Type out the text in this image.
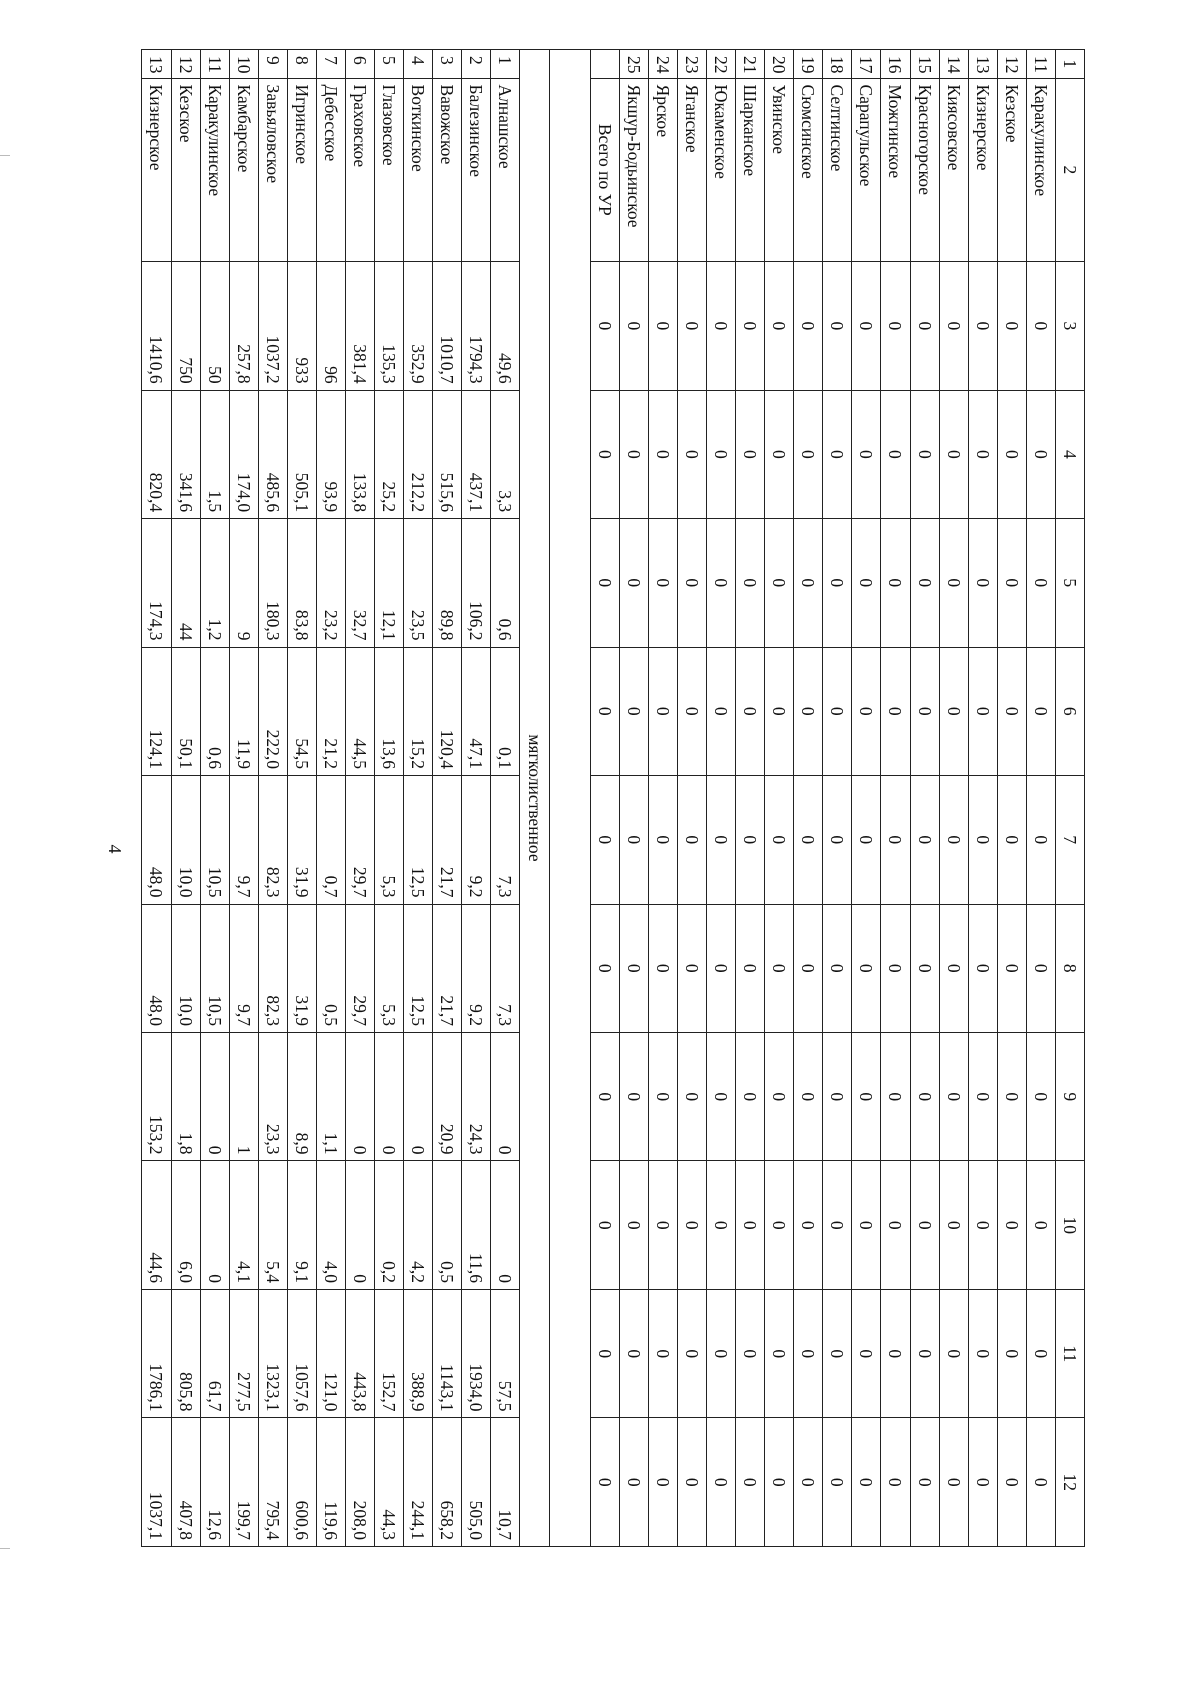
4
1	2	3	4	5	6	7	8	9	10	11	12
11	Каракулинское	0	0	0	0	0	0	0	0	0	0
12	Кезское	0	0	0	0	0	0	0	0	0	0
13	Кизнерское	0	0	0	0	0	0	0	0	0	0
14	Киясовское	0	0	0	0	0	0	0	0	0	0
15	Красногорское	0	0	0	0	0	0	0	0	0	0
16	Можгинское	0	0	0	0	0	0	0	0	0	0
17	Сарапульское	0	0	0	0	0	0	0	0	0	0
18	Селтинское	0	0	0	0	0	0	0	0	0	0
19	Сюмсинское	0	0	0	0	0	0	0	0	0	0
20	Увинское	0	0	0	0	0	0	0	0	0	0
21	Шарканское	0	0	0	0	0	0	0	0	0	0
22	Юкаменское	0	0	0	0	0	0	0	0	0	0
23	Яганское	0	0	0	0	0	0	0	0	0	0
24	Ярское	0	0	0	0	0	0	0	0	0	0
25	Якшур-Бодьинское	0	0	0	0	0	0	0	0	0	0
	Всего по УР	0	0	0	0	0	0	0	0	0	0

мягколиственное											
1	Алнашское	49,6	3,3	0,6	0,1	7,3	7,3	0	0	57,5	10,7
2	Балезинское	1794,3	437,1	106,2	47,1	9,2	9,2	24,3	11,6	1934,0	505,0
3	Вавожское	1010,7	515,6	89,8	120,4	21,7	21,7	20,9	0,5	1143,1	658,2
4	Воткинское	352,9	212,2	23,5	15,2	12,5	12,5	0	4,2	388,9	244,1
5	Глазовское	135,3	25,2	12,1	13,6	5,3	5,3	0	0,2	152,7	44,3
6	Граховское	381,4	133,8	32,7	44,5	29,7	29,7	0	0	443,8	208,0
7	Дебесское	96	93,9	23,2	21,2	0,7	0,5	1,1	4,0	121,0	119,6
8	Игринское	933	505,1	83,8	54,5	31,9	31,9	8,9	9,1	1057,6	600,6
9	Завьяловское	1037,2	485,6	180,3	222,0	82,3	82,3	23,3	5,4	1323,1	795,4
10	Камбарское	257,8	174,0	9	11,9	9,7	9,7	1	4,1	277,5	199,7
11	Каракулинское	50	1,5	1,2	0,6	10,5	10,5	0	0	61,7	12,6
12	Кезское	750	341,6	44	50,1	10,0	10,0	1,8	6,0	805,8	407,8
13	Кизнерское	1410,6	820,4	174,3	124,1	48,0	48,0	153,2	44,6	1786,1	1037,1
